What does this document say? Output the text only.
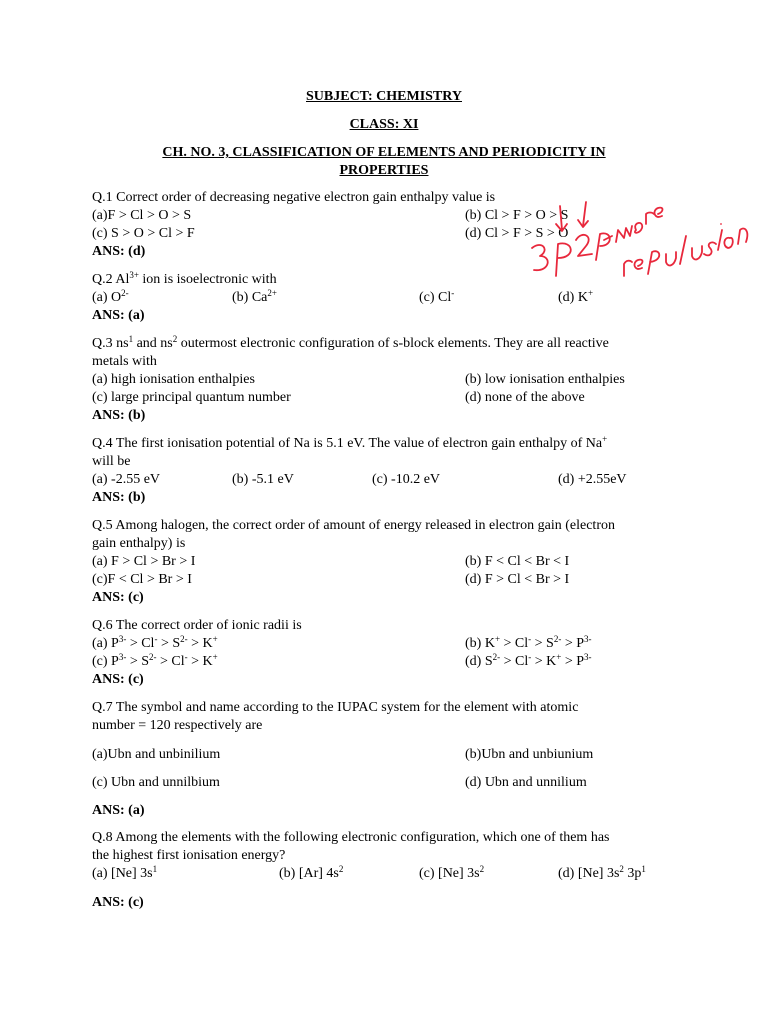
SUBJECT: CHEMISTRY
CLASS: XI
CH. NO. 3, CLASSIFICATION OF ELEMENTS AND PERIODICITY IN
PROPERTIES
Q.1 Correct order of decreasing negative electron gain enthalpy value is
(a)F > Cl > O > S	(b) Cl > F > O > S
(c) S > O > Cl > F	(d) Cl > F > S > O
ANS: (d)
Q.2 $Al^{3+}$ ion is isoelectronic with
(a) $O^{2-}$	(b) $Ca^{2+}$	(c) Cl-	(d) K+
ANS: (a)
Q.3 $ns^1$ and $ns^2$ outermost electronic configuration of s-block elements. They are all reactive
metals with
(a) high ionisation enthalpies	(b) low ionisation enthalpies
(c) large principal quantum number	(d) none of the above
ANS: (b)
Q.4 The first ionisation potential of Na is 5.1 eV. The value of electron gain enthalpy of Na+
will be
(a) -2.55 eV	(b) -5.1 eV	(c) -10.2 eV	(d) +2.55eV
ANS: (b)
Q.5 Among halogen, the correct order of amount of energy released in electron gain (electron
gain enthalpy) is
(a) F > Cl > Br > I	(b) F < Cl < Br < I
(c)F < Cl > Br > I	(d) F > Cl < Br > I
ANS: (c)
Q.6 The correct order of ionic radii is
(a) $P^{3-} > Cl^- > S^{2-} > K^+$	(b) $K^+ > Cl^- > S^{2-} > P^{3-}$
(c) $P^{3-} > S^{2-} > Cl^- > K^+$	(d) $S^{2-} > Cl^- > K^+ > P^{3-}$
ANS: (c)
Q.7 The symbol and name according to the IUPAC system for the element with atomic
number = 120 respectively are
(a)Ubn and unbinilium	(b)Ubn and unbiunium
(c) Ubn and unnilbium	(d) Ubn and unnilium
ANS: (a)
Q.8 Among the elements with the following electronic configuration, which one of them has
the highest first ionisation energy?
(a) [Ne] $3s^1$	(b) [Ar] $4s^2$	(c) [Ne] $3s^2$	(d) [Ne] $3s^2$ $3p^1$
ANS: (c)
